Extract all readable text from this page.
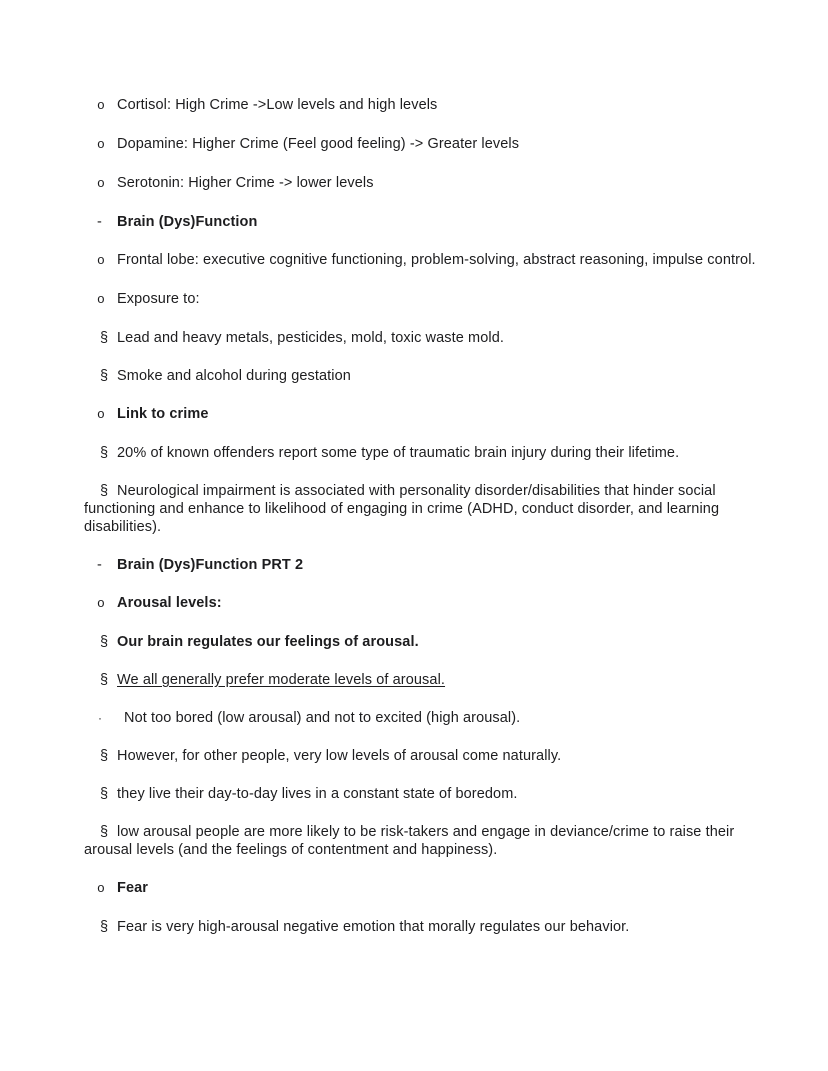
o Cortisol: High Crime ->Low levels and high levels

o Dopamine: Higher Crime (Feel good feeling) -> Greater levels

o Serotonin: Higher Crime -> lower levels

- Brain (Dys)Function

o Frontal lobe: executive cognitive functioning, problem-solving, abstract reasoning, impulse control.

o Exposure to:

§ Lead and heavy metals, pesticides, mold, toxic waste mold.

§ Smoke and alcohol during gestation

o Link to crime

§ 20% of known offenders report some type of traumatic brain injury during their lifetime.

§ Neurological impairment is associated with personality disorder/disabilities that hinder social functioning and enhance to likelihood of engaging in crime (ADHD, conduct disorder, and learning disabilities).

- Brain (Dys)Function PRT 2

o Arousal levels:

§ Our brain regulates our feelings of arousal.

§ We all generally prefer moderate levels of arousal.

· Not too bored (low arousal) and not to excited (high arousal).

§ However, for other people, very low levels of arousal come naturally.

§ they live their day-to-day lives in a constant state of boredom.

§ low arousal people are more likely to be risk-takers and engage in deviance/crime to raise their arousal levels (and the feelings of contentment and happiness).

o Fear

§ Fear is very high-arousal negative emotion that morally regulates our behavior.
